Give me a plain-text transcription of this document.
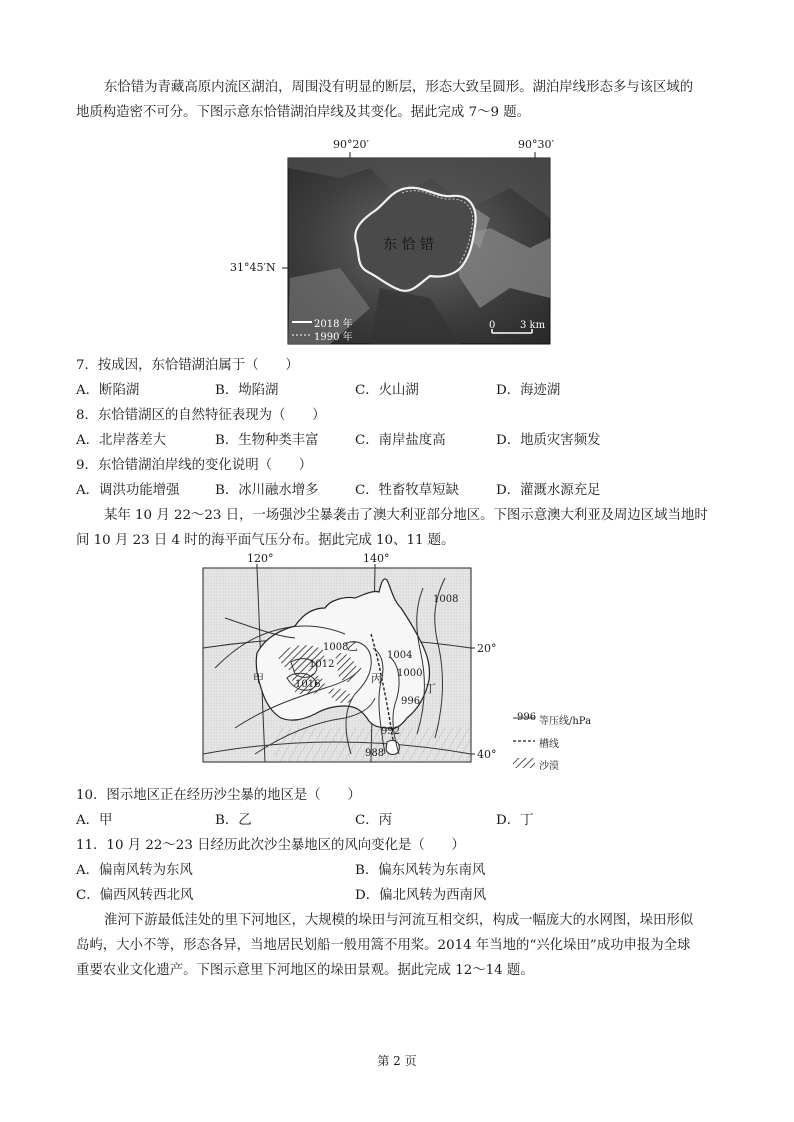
东恰错为青藏高原内流区湖泊，周围没有明显的断层，形态大致呈圆形。湖泊岸线形态多与该区域的
地质构造密不可分。下图示意东恰错湖泊岸线及其变化。据此完成 7～9 题。
90°20′	90°30′
31°45′N
东 恰 错
2018 年
1990 年
0 3 km
7．按成因，东恰错湖泊属于（　　）
A．断陷湖	B．坳陷湖	C．火山湖	D．海迹湖
8．东恰错湖区的自然特征表现为（　　）
A．北岸落差大	B．生物种类丰富	C．南岸盐度高	D．地质灾害频发
9．东恰错湖泊岸线的变化说明（　　）
A．调洪功能增强	B．冰川融水增多	C．牲畜牧草短缺	D．灌溉水源充足
某年 10 月 22～23 日，一场强沙尘暴袭击了澳大利亚部分地区。下图示意澳大利亚及周边区域当地时
间 10 月 23 日 4 时的海平面气压分布。据此完成 10、11 题。
120°	140°
20°
40°
1008
1008
1012
1016
1004
1000
996
992
988
甲
乙
丙
丁
996 等压线/hPa
槽线
沙漠
10．图示地区正在经历沙尘暴的地区是（　　）
A．甲	B．乙	C．丙	D．丁
11．10 月 22～23 日经历此次沙尘暴地区的风向变化是（　　）
A．偏南风转为东风	B．偏东风转为东南风
C．偏西风转西北风	D．偏北风转为西南风
淮河下游最低洼处的里下河地区，大规模的垛田与河流互相交织，构成一幅庞大的水网图，垛田形似
岛屿，大小不等，形态各异，当地居民划船一般用篙不用桨。2014 年当地的“兴化垛田”成功申报为全球
重要农业文化遗产。下图示意里下河地区的垛田景观。据此完成 12～14 题。
第 2 页
